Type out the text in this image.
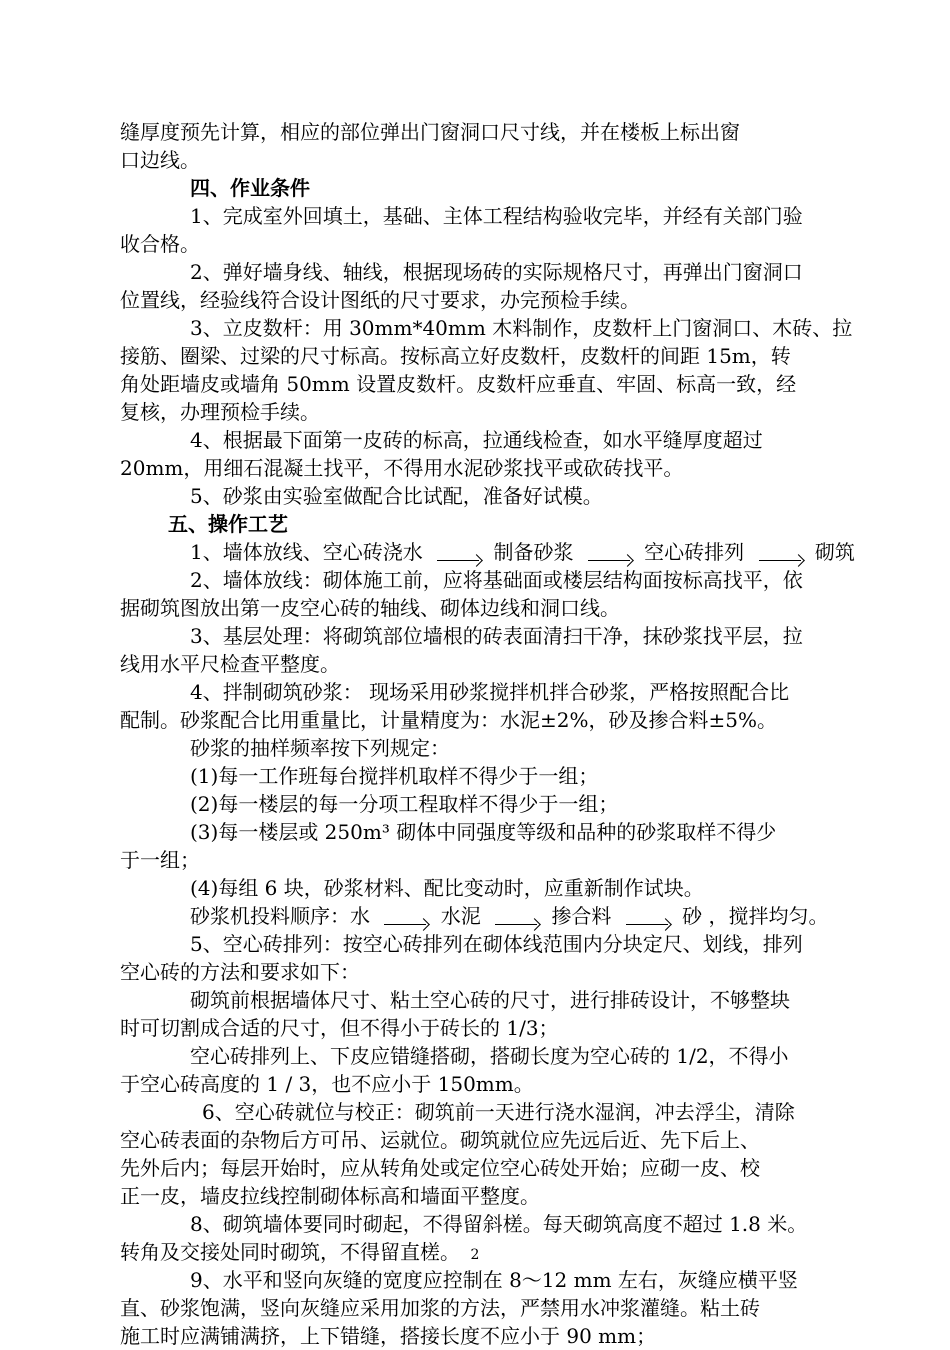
缝厚度预先计算，相应的部位弹出门窗洞口尺寸线，并在楼板上标出窗
口边线。
四、作业条件
1、完成室外回填土，基础、主体工程结构验收完毕，并经有关部门验
收合格。
2、弹好墙身线、轴线，根据现场砖的实际规格尺寸，再弹出门窗洞口
位置线，经验线符合设计图纸的尺寸要求，办完预检手续。
3、立皮数杆：用 30mm*40mm 木料制作，皮数杆上门窗洞口、木砖、拉
接筋、圈梁、过梁的尺寸标高。按标高立好皮数杆，皮数杆的间距 15m，转
角处距墙皮或墙角 50mm 设置皮数杆。皮数杆应垂直、牢固、标高一致，经
复核，办理预检手续。
4、根据最下面第一皮砖的标高，拉通线检查，如水平缝厚度超过
20mm，用细石混凝土找平，不得用水泥砂浆找平或砍砖找平。
5、砂浆由实验室做配合比试配，准备好试模。
五、操作工艺
1、墙体放线、空心砖浇水	制备砂浆	空心砖排列	砌筑
2、墙体放线：砌体施工前，应将基础面或楼层结构面按标高找平，依
据砌筑图放出第一皮空心砖的轴线、砌体边线和洞口线。
3、基层处理：将砌筑部位墙根的砖表面清扫干净，抹砂浆找平层，拉
线用水平尺检查平整度。
4、拌制砌筑砂浆： 现场采用砂浆搅拌机拌合砂浆，严格按照配合比
配制。砂浆配合比用重量比，计量精度为：水泥±2%，砂及掺合料±5%。
砂浆的抽样频率按下列规定：
(1)每一工作班每台搅拌机取样不得少于一组；
(2)每一楼层的每一分项工程取样不得少于一组；
(3)每一楼层或 250m³ 砌体中同强度等级和品种的砂浆取样不得少
于一组；
(4)每组 6 块，砂浆材料、配比变动时，应重新制作试块。
砂浆机投料顺序：水	水泥	掺合料	砂 ，搅拌均匀。
5、空心砖排列：按空心砖排列在砌体线范围内分块定尺、划线，排列
空心砖的方法和要求如下：
砌筑前根据墙体尺寸、粘土空心砖的尺寸，进行排砖设计，不够整块
时可切割成合适的尺寸，但不得小于砖长的 1/3；
空心砖排列上、下皮应错缝搭砌，搭砌长度为空心砖的 1/2，不得小
于空心砖高度的 1 / 3，也不应小于 150mm。
6、空心砖就位与校正：砌筑前一天进行浇水湿润，冲去浮尘，清除
空心砖表面的杂物后方可吊、运就位。砌筑就位应先远后近、先下后上、
先外后内；每层开始时，应从转角处或定位空心砖处开始；应砌一皮、校
正一皮，墙皮拉线控制砌体标高和墙面平整度。
8、砌筑墙体要同时砌起，不得留斜槎。每天砌筑高度不超过 1.8 米。
转角及交接处同时砌筑，不得留直槎。
9、水平和竖向灰缝的宽度应控制在 8～12 mm 左右，灰缝应横平竖
直、砂浆饱满，竖向灰缝应采用加浆的方法，严禁用水冲浆灌缝。粘土砖
施工时应满铺满挤，上下错缝，搭接长度不应小于 90 mm；
2
